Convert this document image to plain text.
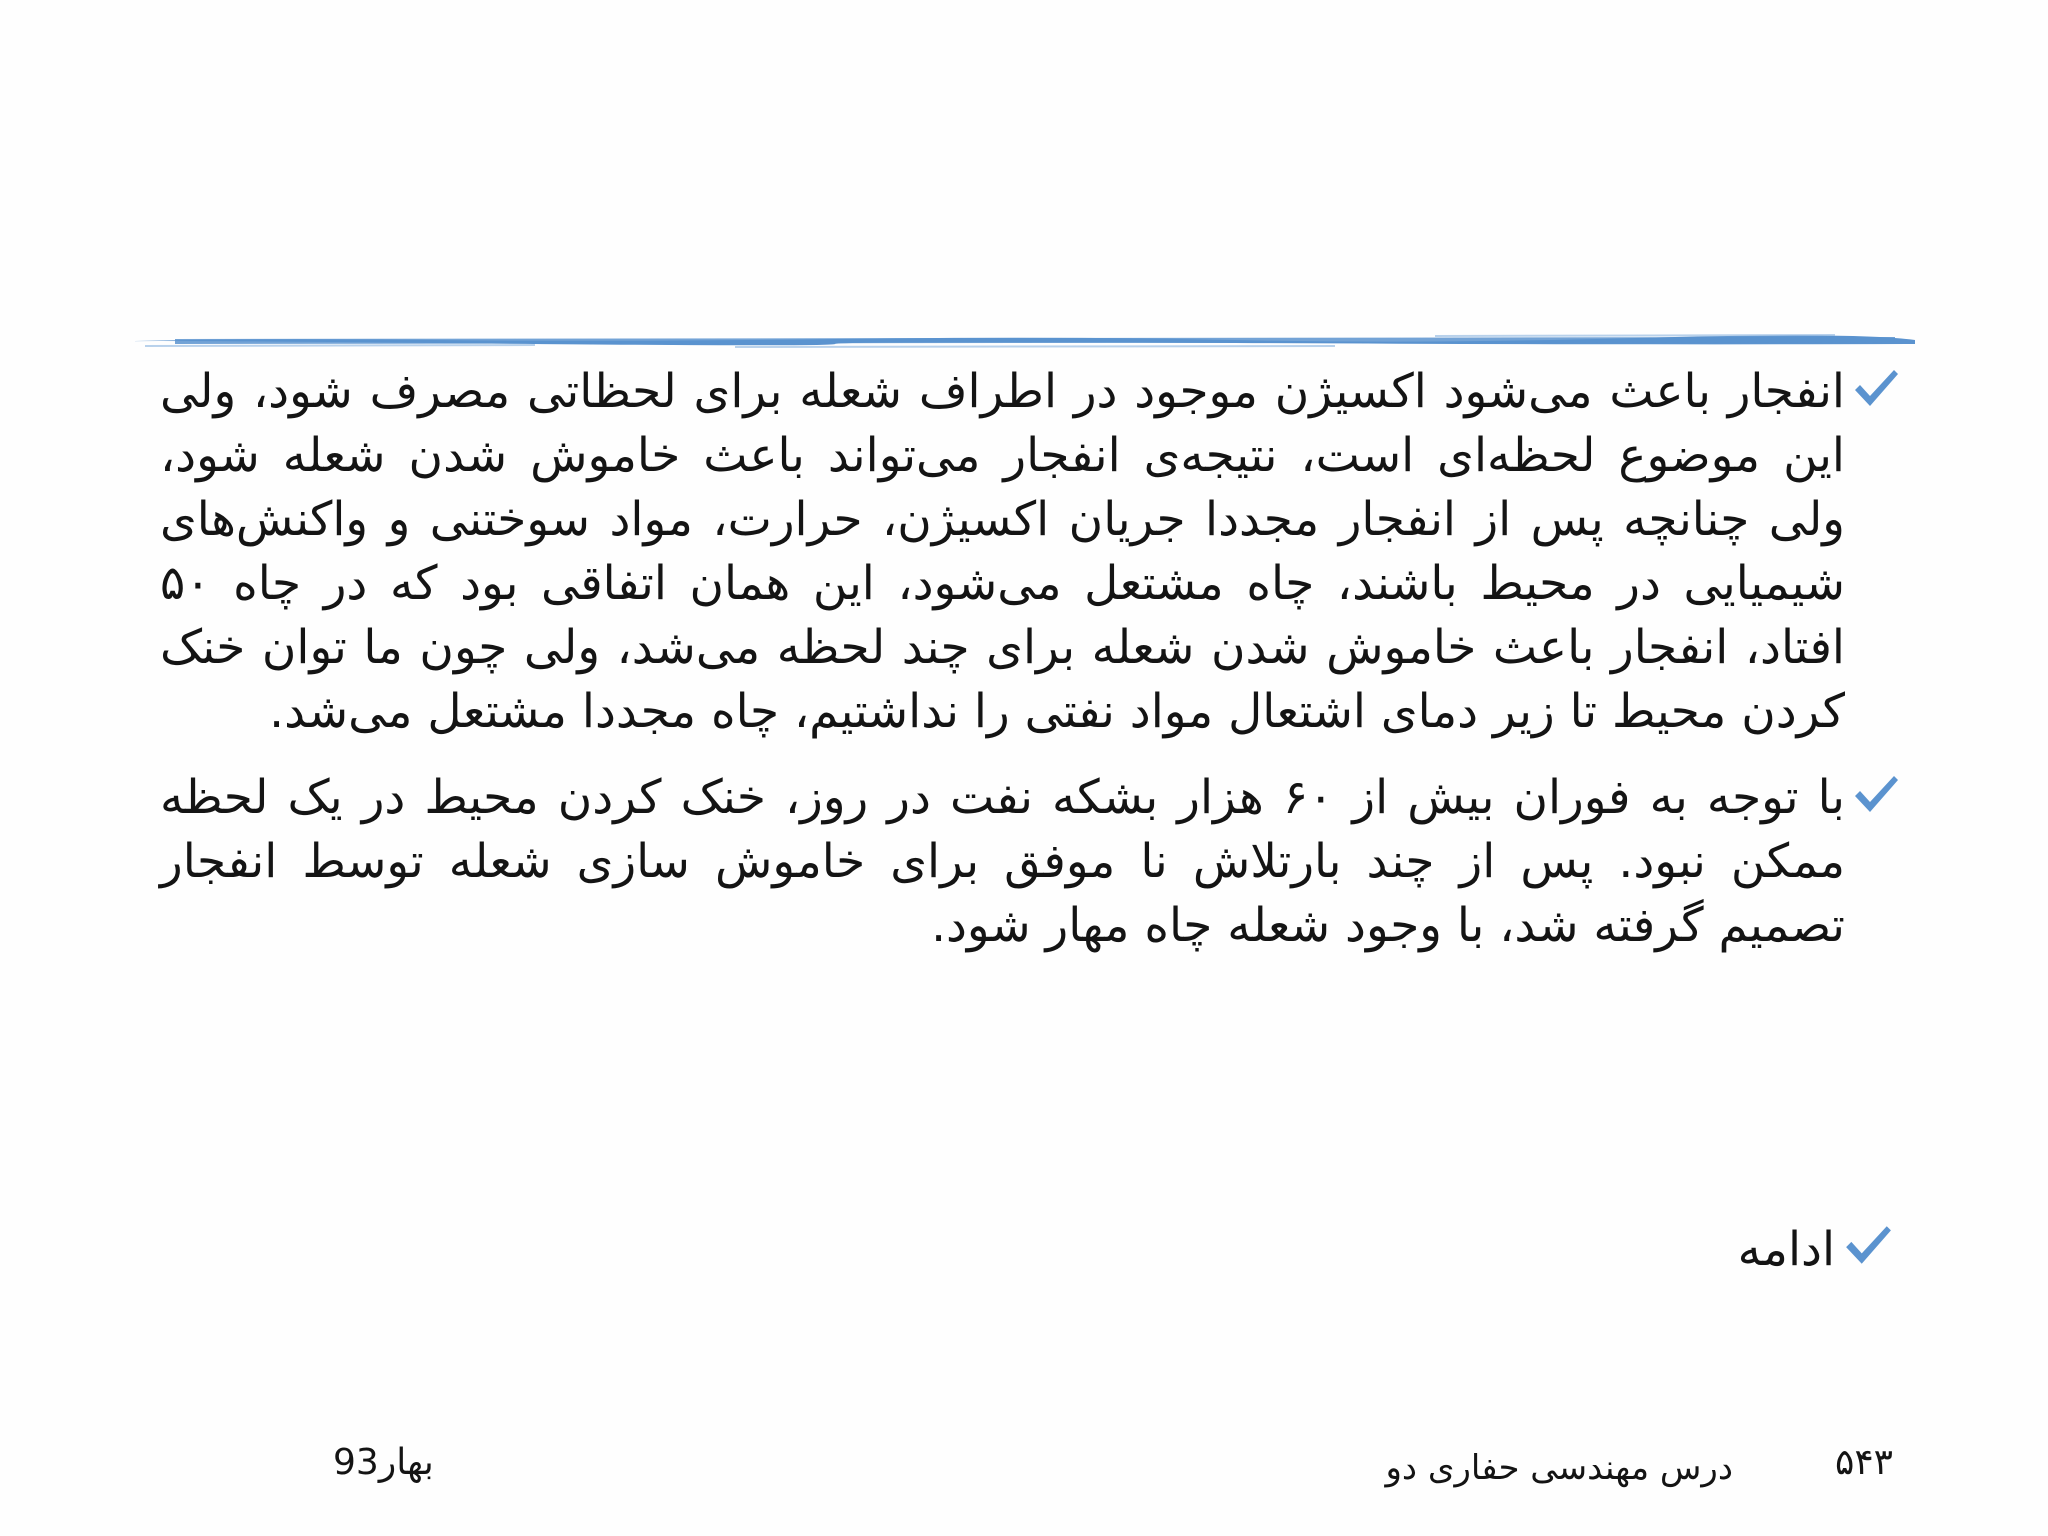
انفجار باعث می‌شود اکسیژن موجود در اطراف شعله برای لحظاتی مصرف شود، ولی این موضوع لحظه‌ای است، نتیجه‌ی انفجار می‌تواند باعث خاموش شدن شعله شود، ولی چنانچه پس از انفجار مجددا جریان اکسیژن، حرارت، مواد سوختنی و واکنش‌های شیمیایی در محیط باشند، چاه مشتعل می‌شود، این همان اتفاقی بود که در چاه ۵۰ افتاد، انفجار باعث خاموش شدن شعله برای چند لحظه می‌شد، ولی چون ما توان خنک کردن محیط تا زیر دمای اشتعال مواد نفتی را نداشتیم، چاه مجددا مشتعل می‌شد.
با توجه به فوران بیش از ۶۰ هزار بشکه نفت در روز، خنک کردن محیط در یک لحظه ممکن نبود. پس از چند بارتلاش نا موفق برای خاموش سازی شعله توسط انفجار تصمیم گرفته شد، با وجود شعله چاه مهار شود.
ادامه
۵۴۳
درس مهندسی حفاری دو
بهار93
